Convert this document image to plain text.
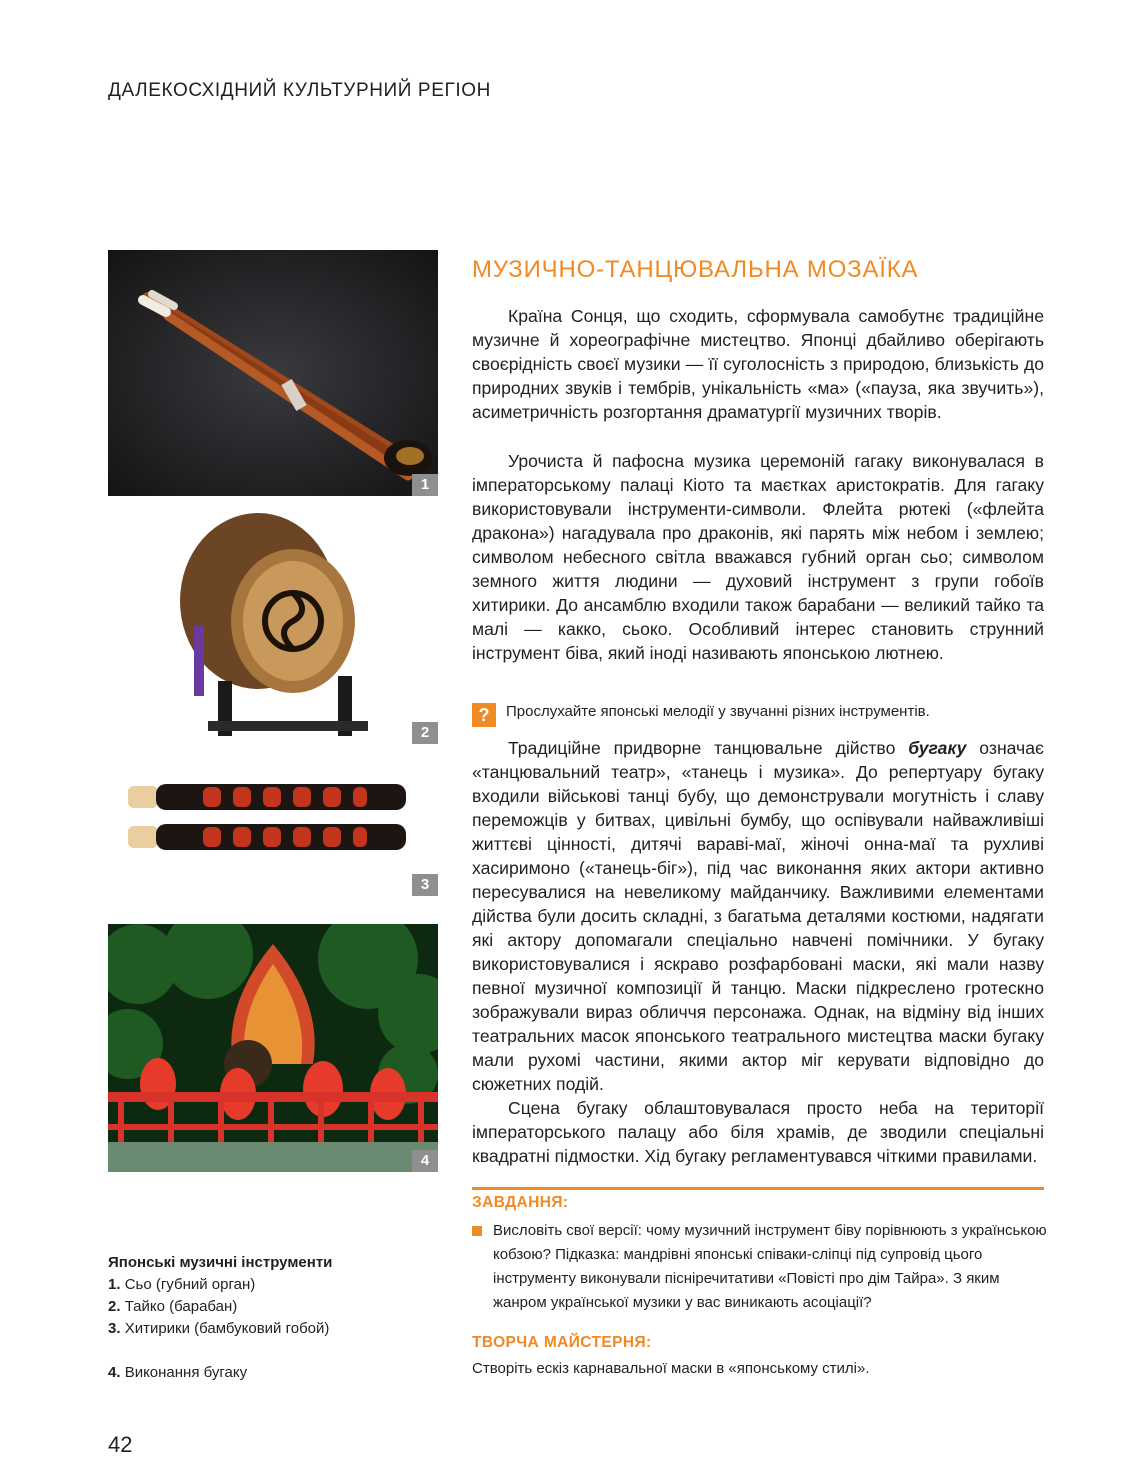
ДАЛЕКОСХІДНИЙ КУЛЬТУРНИЙ РЕГІОН
1
2
3
4
МУЗИЧНО-ТАНЦЮВАЛЬНА МОЗАЇКА

Країна Сонця, що сходить, сформувала самобутнє традиційне музичне й хореографічне мистецтво. Японці дбайливо оберігають своєрідність своєї музики — її суголосність з природою, близькість до природних звуків і тембрів, унікальність «ма» («пауза, яка звучить»), асиметричність розгортання драматургії музичних творів.

Урочиста й пафосна музика церемоній гагаку виконувалася в імператорському палаці Кіото та маєтках аристократів. Для гагаку використовували інструменти-символи. Флейта рютекі («флейта дракона») нагадувала про драконів, які парять між небом і землею; символом небесного світла вважався губний орган сьо; символом земного життя людини — духовий інструмент з групи гобоїв хитирики. До ансамблю входили також барабани — великий тайко та малі — какко, сьоко. Особливий інтерес становить струнний інструмент біва, який іноді називають японською лютнею.

?	Прослухайте японські мелодії у звучанні різних інструментів.

Традиційне придворне танцювальне дійство бугаку означає «танцювальний театр», «танець і музика». До репертуару бугаку входили військові танці бубу, що демонстрували могутність і славу переможців у битвах, цивільні бумбу, що оспівували найважливіші життєві цінності, дитячі вараві-маї, жіночі онна-маї та рухливі хасиримоно («танець-біг»), під час виконання яких актори активно пересувалися на невеликому майданчику. Важливими елементами дійства були досить складні, з багатьма деталями костюми, надягати які актору допомагали спеціально навчені помічники. У бугаку використовувалися і яскраво розфарбовані маски, які мали назву певної музичної композиції й танцю. Маски підкреслено гротескно зображували вираз обличчя персонажа. Однак, на відміну від інших театральних масок японського театрального мистецтва маски бугаку мали рухомі частини, якими актор міг керувати відповідно до сюжетних подій.

Сцена бугаку облаштовувалася просто неба на території імператорського палацу або біля храмів, де зводили спеціальні квадратні підмостки. Хід бугаку регламентувався чіткими правилами.

ЗАВДАННЯ:
Висловіть свої версії: чому музичний інструмент біву порівнюють з українською кобзою? Підказка: мандрівні японські співаки-сліпці під супровід цього інструменту виконували пісніречитативи «Повісті про дім Тайра». З яким жанром української музики у вас виникають асоціації?
ТВОРЧА МАЙСТЕРНЯ:
Створіть ескіз карнавальної маски в «японському стилі».
Японські музичні інструменти
1. Сьо (губний орган)
2. Тайко (барабан)
3. Хитирики (бамбуковий гобой)
4. Виконання бугаку
42
